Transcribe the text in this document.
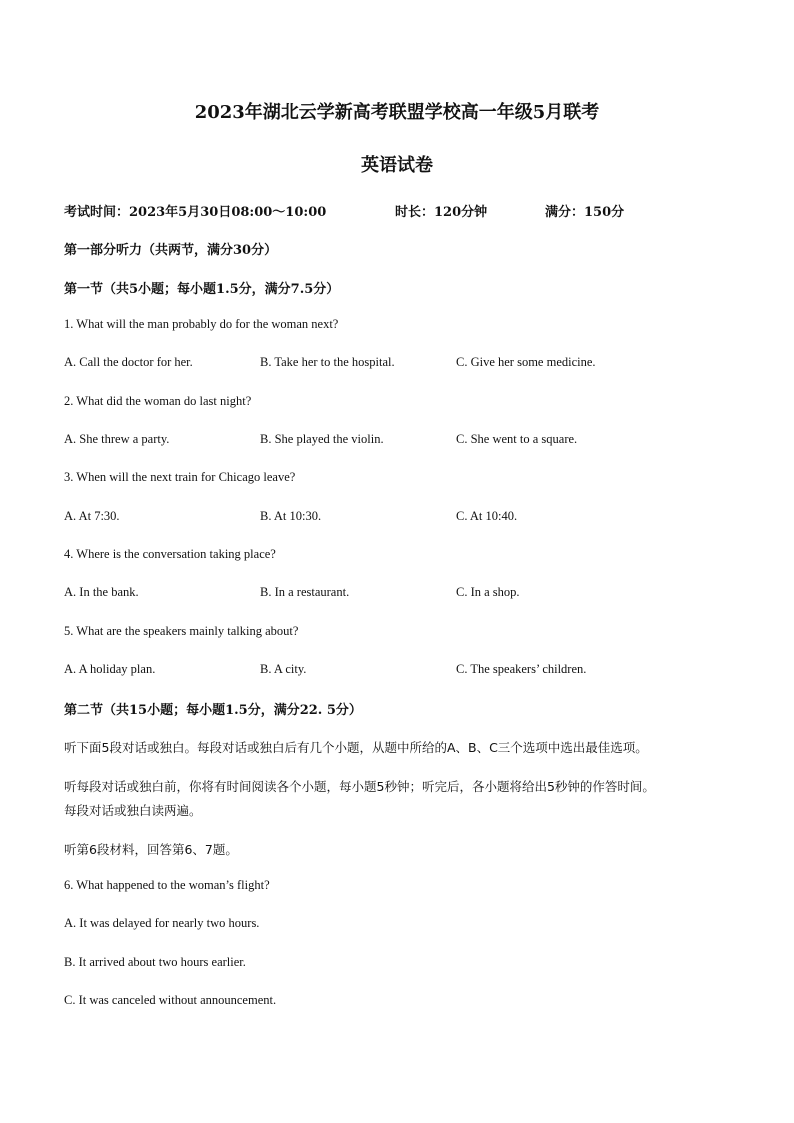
2023年湖北云学新高考联盟学校高一年级5月联考
英语试卷
考试时间：2023年5月30日08:00～10:00	时长：120分钟	满分：150分
第一部分听力（共两节，满分30分）
第一节（共5小题；每小题1.5分，满分7.5分）
1. What will the man probably do for the woman next?
A. Call the doctor for her.	B. Take her to the hospital.	C. Give her some medicine.
2. What did the woman do last night?
A. She threw a party.	B. She played the violin.	C. She went to a square.
3. When will the next train for Chicago leave?
A. At 7:30.	B. At 10:30.	C. At 10:40.
4. Where is the conversation taking place?
A. In the bank.	B. In a restaurant.	C. In a shop.
5. What are the speakers mainly talking about?
A. A holiday plan.	B. A city.	C. The speakers’ children.
第二节（共15小题；每小题1.5分，满分22. 5分）
听下面5段对话或独白。每段对话或独白后有几个小题，从题中所给的A、B、C三个选项中选出最佳选项。
听每段对话或独白前，你将有时间阅读各个小题，每小题5秒钟；听完后，各小题将给出5秒钟的作答时间。
每段对话或独白读两遍。
听第6段材料，回答第6、7题。
6. What happened to the woman’s flight?
A. It was delayed for nearly two hours.
B. It arrived about two hours earlier.
C. It was canceled without announcement.
